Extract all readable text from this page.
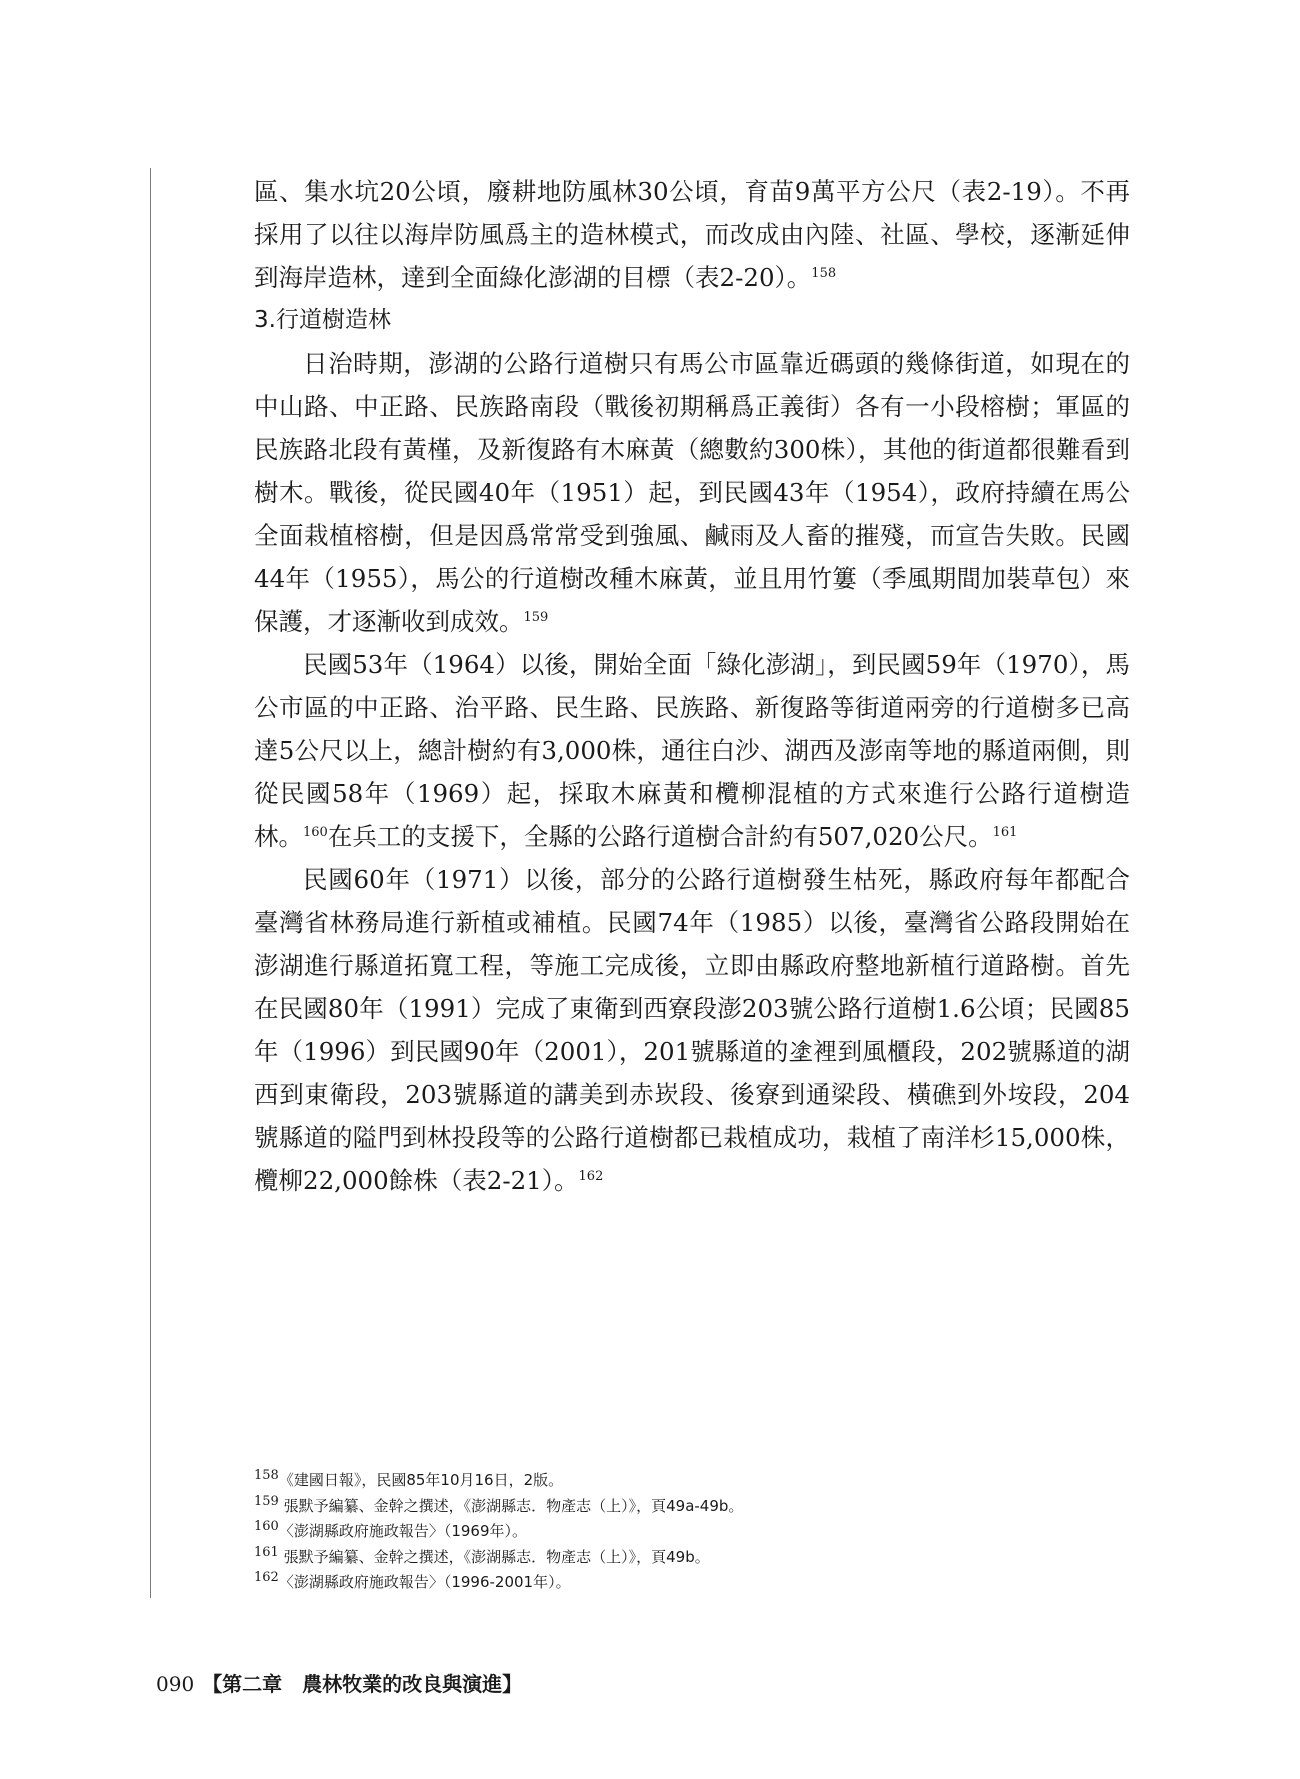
區、集水坑20公頃，廢耕地防風林30公頃，育苗9萬平方公尺（表2-19）。不再採用了以往以海岸防風爲主的造林模式，而改成由內陸、社區、學校，逐漸延伸到海岸造林，達到全面綠化澎湖的目標（表2-20）。$^{158}$

3.行道樹造林

日治時期，澎湖的公路行道樹只有馬公市區靠近碼頭的幾條街道，如現在的中山路、中正路、民族路南段（戰後初期稱爲正義街）各有一小段榕樹；軍區的民族路北段有黃槿，及新復路有木麻黃（總數約300株），其他的街道都很難看到樹木。戰後，從民國40年（1951）起，到民國43年（1954），政府持續在馬公全面栽植榕樹，但是因爲常常受到強風、鹹雨及人畜的摧殘，而宣告失敗。民國44年（1955），馬公的行道樹改種木麻黃，並且用竹簍（季風期間加裝草包）來保護，才逐漸收到成效。$^{159}$

民國53年（1964）以後，開始全面「綠化澎湖」，到民國59年（1970），馬公市區的中正路、治平路、民生路、民族路、新復路等街道兩旁的行道樹多已高達5公尺以上，總計樹約有3,000株，通往白沙、湖西及澎南等地的縣道兩側，則從民國58年（1969）起，採取木麻黃和欖柳混植的方式來進行公路行道樹造林。$^{160}$在兵工的支援下，全縣的公路行道樹合計約有507,020公尺。$^{161}$

民國60年（1971）以後，部分的公路行道樹發生枯死，縣政府每年都配合臺灣省林務局進行新植或補植。民國74年（1985）以後，臺灣省公路段開始在澎湖進行縣道拓寬工程，等施工完成後，立即由縣政府整地新植行道路樹。首先在民國80年（1991）完成了東衛到西寮段澎203號公路行道樹1.6公頃；民國85年（1996）到民國90年（2001），201號縣道的𡍼裡到風櫃段，202號縣道的湖西到東衛段，203號縣道的講美到赤崁段、後寮到通梁段、橫礁到外垵段，204號縣道的隘門到林投段等的公路行道樹都已栽植成功，栽植了南洋杉15,000株，欖柳22,000餘株（表2-21）。$^{162}$

158《建國日報》，民國85年10月16日，2版。

159 張默予編纂、金幹之撰述，《澎湖縣志．物產志（上）》，頁49a-49b。

160〈澎湖縣政府施政報告〉（1969年）。

161 張默予編纂、金幹之撰述，《澎湖縣志．物產志（上）》，頁49b。

162〈澎湖縣政府施政報告〉（1996-2001年）。

090 【第二章　農林牧業的改良與演進】
